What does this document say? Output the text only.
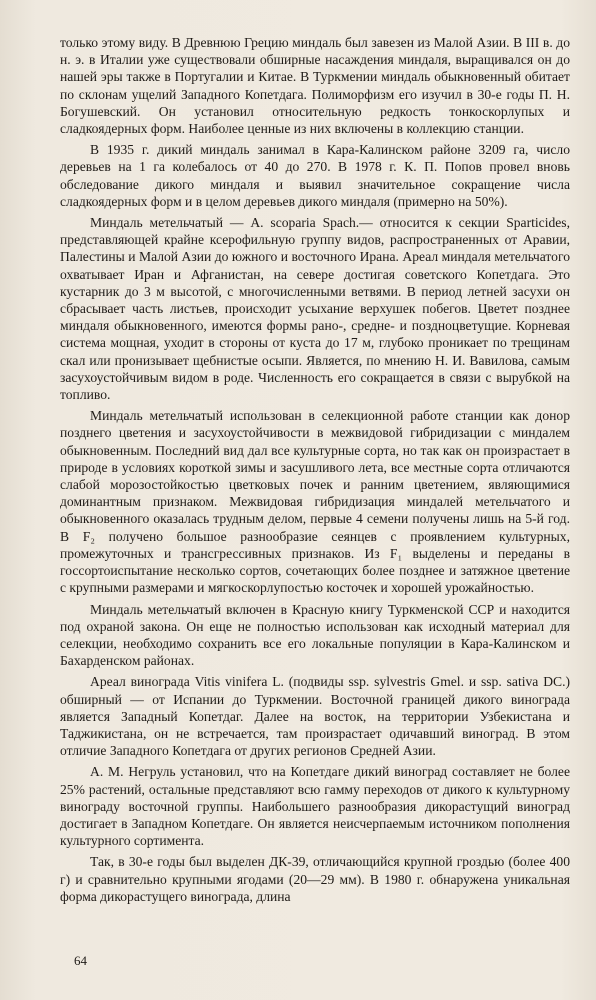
только этому виду. В Древнюю Грецию миндаль был завезен из Малой Азии. В III в. до н. э. в Италии уже существовали обширные насаждения миндаля, выращивался он до нашей эры также в Португалии и Китае. В Туркмении миндаль обыкновенный обитает по склонам ущелий Западного Копетдага. Полиморфизм его изучил в 30-е годы П. Н. Богушевский. Он установил относительную редкость тонкоскорлупых и сладкоядерных форм. Наиболее ценные из них включены в коллекцию станции.

В 1935 г. дикий миндаль занимал в Кара-Калинском районе 3209 га, число деревьев на 1 га колебалось от 40 до 270. В 1978 г. К. П. Попов провел вновь обследование дикого миндаля и выявил значительное сокращение числа сладкоядерных форм и в целом деревьев дикого миндаля (примерно на 50%).

Миндаль метельчатый — A. scoparia Spach.— относится к секции Sparticides, представляющей крайне ксерофильную группу видов, распространенных от Аравии, Палестины и Малой Азии до южного и восточного Ирана. Ареал миндаля метельчатого охватывает Иран и Афганистан, на севере достигая советского Копетдага. Это кустарник до 3 м высотой, с многочисленными ветвями. В период летней засухи он сбрасывает часть листьев, происходит усыхание верхушек побегов. Цветет позднее миндаля обыкновенного, имеются формы рано-, средне- и поздноцветущие. Корневая система мощная, уходит в стороны от куста до 17 м, глубоко проникает по трещинам скал или пронизывает щебнистые осыпи. Является, по мнению Н. И. Вавилова, самым засухоустойчивым видом в роде. Численность его сокращается в связи с вырубкой на топливо.

Миндаль метельчатый использован в селекционной работе станции как донор позднего цветения и засухоустойчивости в межвидовой гибридизации с миндалем обыкновенным. Последний вид дал все культурные сорта, но так как он произрастает в природе в условиях короткой зимы и засушливого лета, все местные сорта отличаются слабой морозостойкостью цветковых почек и ранним цветением, являющимися доминантным признаком. Межвидовая гибридизация миндалей метельчатого и обыкновенного оказалась трудным делом, первые 4 семени получены лишь на 5-й год. В F₂ получено большое разнообразие сеянцев с проявлением культурных, промежуточных и трансгрессивных признаков. Из F₁ выделены и переданы в госсортоиспытание несколько сортов, сочетающих более позднее и затяжное цветение с крупными размерами и мягкоскорлупостью косточек и хорошей урожайностью.

Миндаль метельчатый включен в Красную книгу Туркменской ССР и находится под охраной закона. Он еще не полностью использован как исходный материал для селекции, необходимо сохранить все его локальные популяции в Кара-Калинском и Бахарденском районах.

Ареал винограда Vitis vinifera L. (подвиды ssp. sylvestris Gmel. и ssp. sativa DC.) обширный — от Испании до Туркмении. Восточной границей дикого винограда является Западный Копетдаг. Далее на восток, на территории Узбекистана и Таджикистана, он не встречается, там произрастает одичавший виноград. В этом отличие Западного Копетдага от других регионов Средней Азии.

А. М. Негруль установил, что на Копетдаге дикий виноград составляет не более 25% растений, остальные представляют всю гамму переходов от дикого к культурному винограду восточной группы. Наибольшего разнообразия дикорастущий виноград достигает в Западном Копетдаге. Он является неисчерпаемым источником пополнения культурного сортимента.

Так, в 30-е годы был выделен ДК-39, отличающийся крупной гроздью (более 400 г) и сравнительно крупными ягодами (20—29 мм). В 1980 г. обнаружена уникальная форма дикорастущего винограда, длина

64
